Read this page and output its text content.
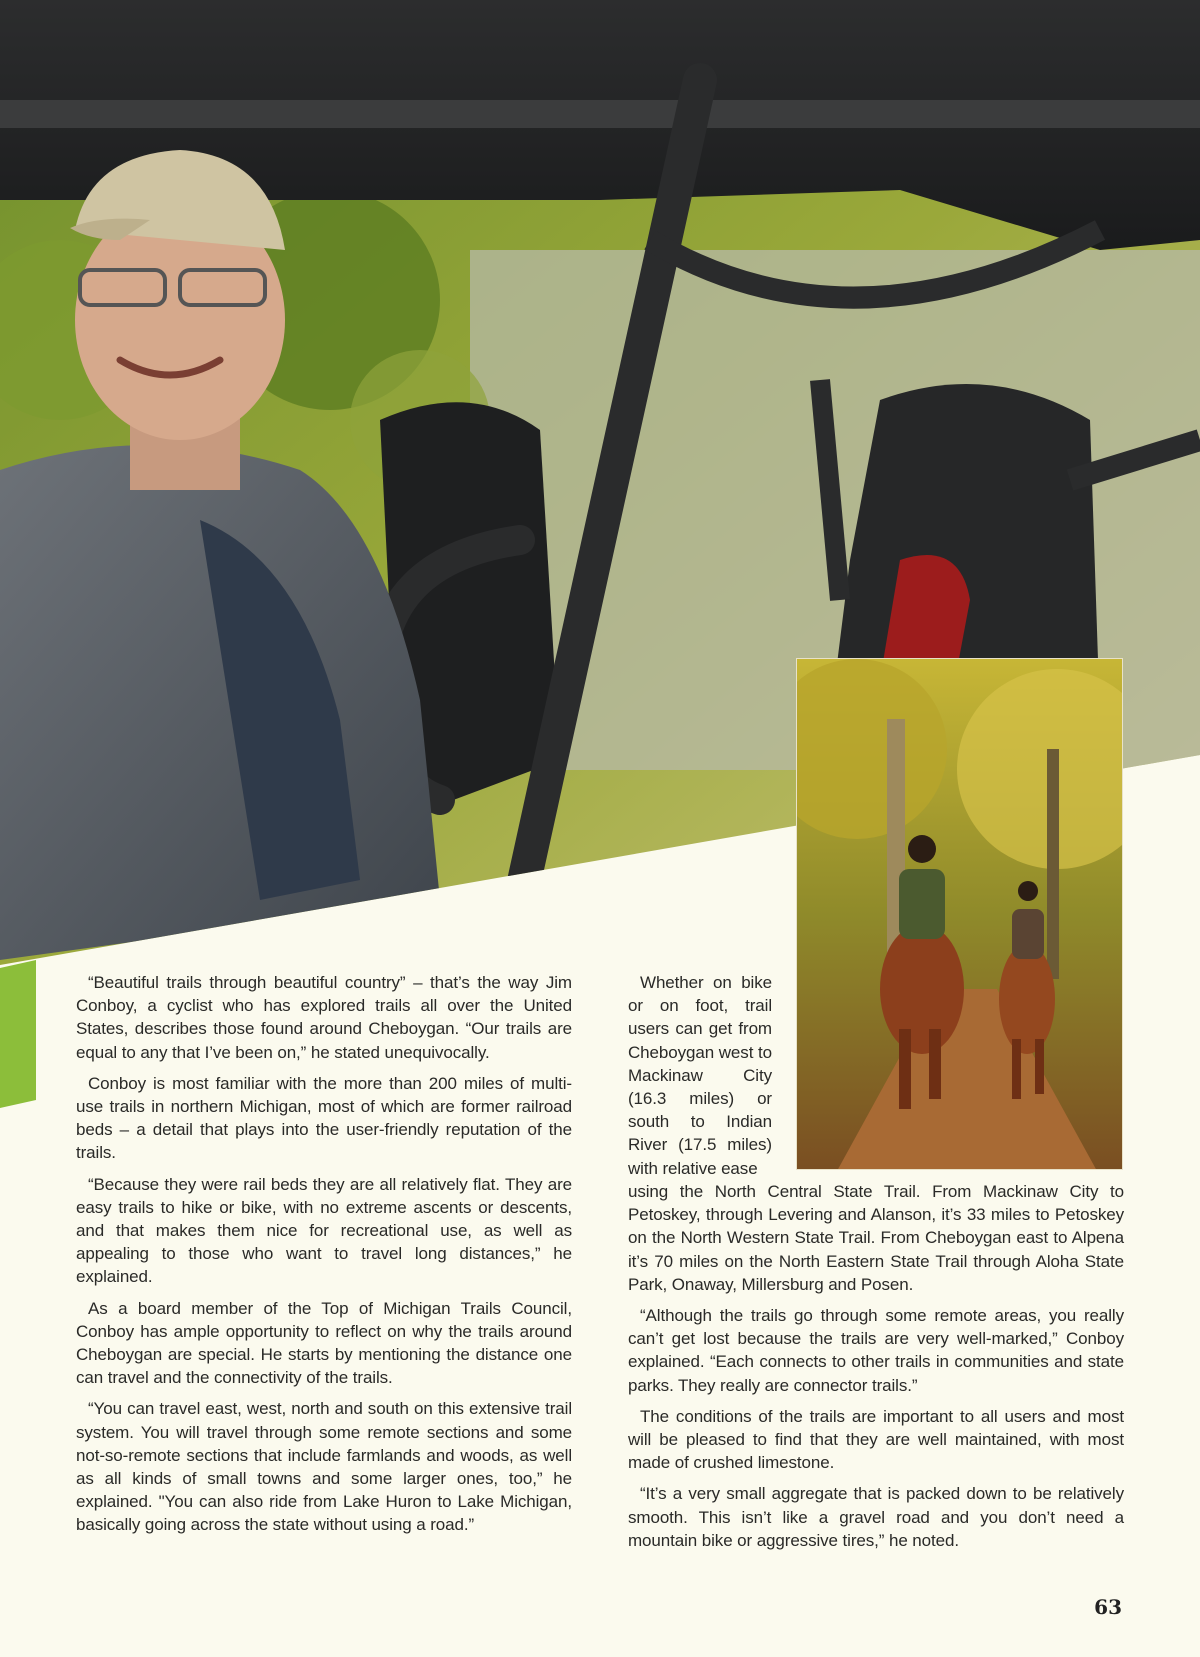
“Beautiful trails through beautiful country” – that’s the way Jim Conboy, a cyclist who has explored trails all over the United States, describes those found around Cheboygan. “Our trails are equal to any that I’ve been on,” he stated unequivocally.

Conboy is most familiar with the more than 200 miles of multi-use trails in northern Michigan, most of which are former railroad beds – a detail that plays into the user-friendly reputation of the trails.

“Because they were rail beds they are all relatively flat. They are easy trails to hike or bike, with no extreme ascents or descents, and that makes them nice for recreational use, as well as appealing to those who want to travel long distances,” he explained.

As a board member of the Top of Michigan Trails Council, Conboy has ample opportunity to reflect on why the trails around Cheboygan are special. He starts by mentioning the distance one can travel and the connectivity of the trails.

“You can travel east, west, north and south on this extensive trail system. You will travel through some remote sections and some not-so-remote sections that include farmlands and woods, as well as all kinds of small towns and some larger ones, too,” he explained. "You can also ride from Lake Huron to Lake Michigan, basically going across the state without using a road.”

Whether on bike or on foot, trail users can get from Cheboygan west to Mackinaw City (16.3 miles) or south to Indian River (17.5 miles) with relative ease

using the North Central State Trail. From Mackinaw City to Petoskey, through Levering and Alanson, it’s 33 miles to Petoskey on the North Western State Trail. From Cheboygan east to Alpena it’s 70 miles on the North Eastern State Trail through Aloha State Park, Onaway, Millersburg and Posen.

“Although the trails go through some remote areas, you really can’t get lost because the trails are very well-marked,” Conboy explained. “Each connects to other trails in communities and state parks. They really are connector trails.”

The conditions of the trails are important to all users and most will be pleased to find that they are well maintained, with most made of crushed limestone.

“It’s a very small aggregate that is packed down to be relatively smooth. This isn’t like a gravel road and you don’t need a mountain bike or aggressive tires,” he noted.

63
